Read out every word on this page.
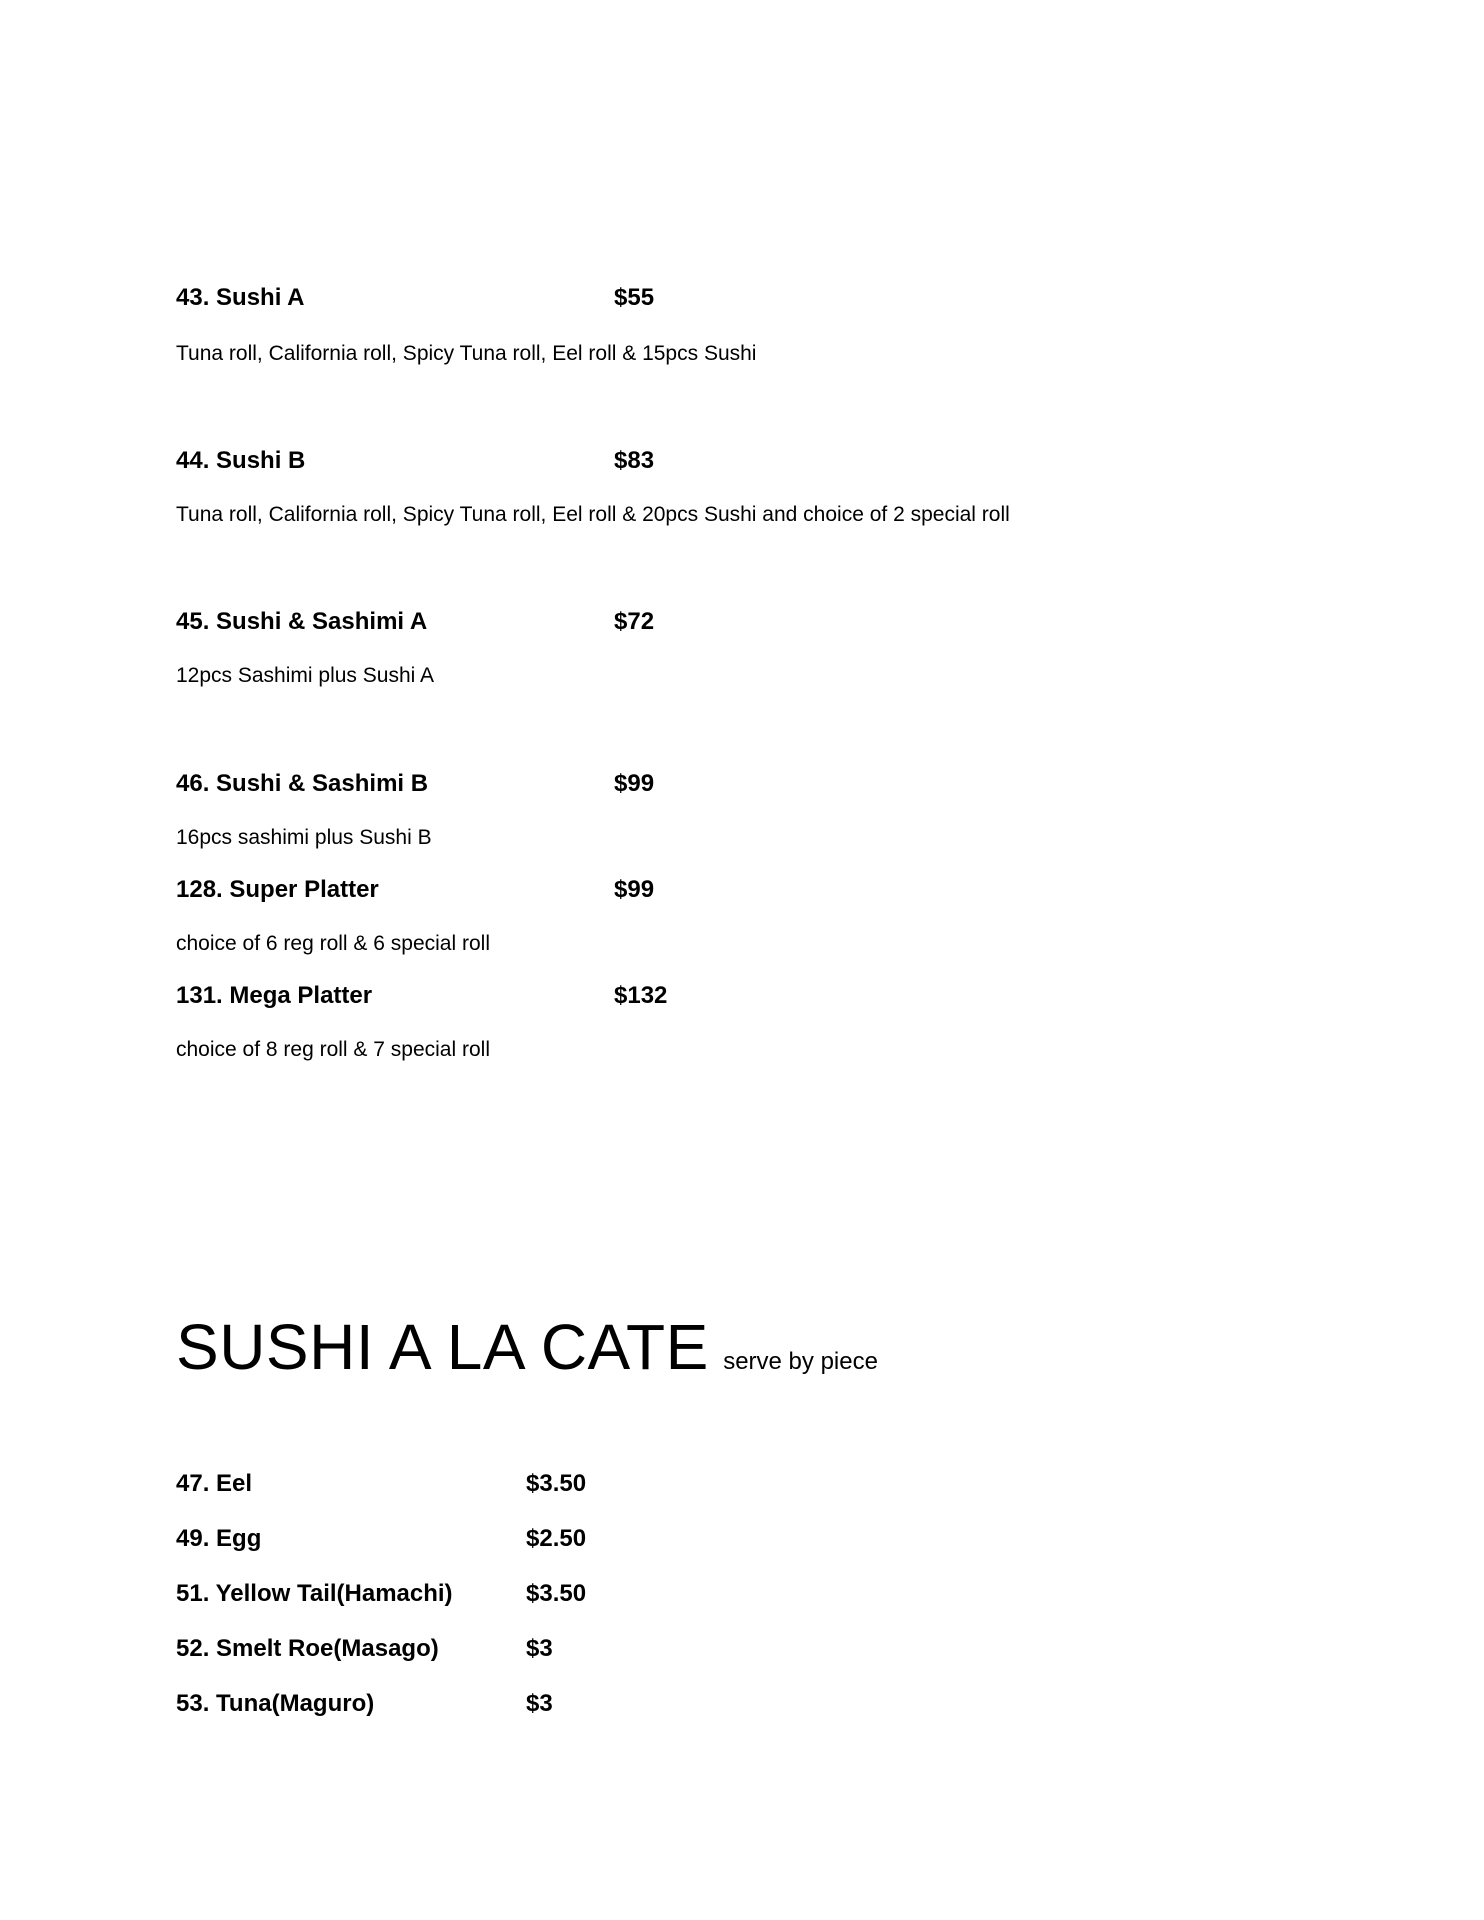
43. Sushi A	$55
Tuna roll, California roll, Spicy Tuna roll, Eel roll & 15pcs Sushi
44. Sushi B	$83
Tuna roll, California roll, Spicy Tuna roll, Eel roll & 20pcs Sushi and choice of 2 special roll
45. Sushi & Sashimi A	$72
12pcs Sashimi plus Sushi A
46. Sushi & Sashimi B	$99
16pcs sashimi plus Sushi B
128. Super Platter	$99
choice of 6 reg roll & 6 special roll
131. Mega Platter	$132
choice of 8 reg roll & 7 special roll
SUSHI A LA CATE serve by piece
47. Eel	$3.50
49. Egg	$2.50
51. Yellow Tail(Hamachi)	$3.50
52. Smelt Roe(Masago)	$3
53. Tuna(Maguro)	$3
